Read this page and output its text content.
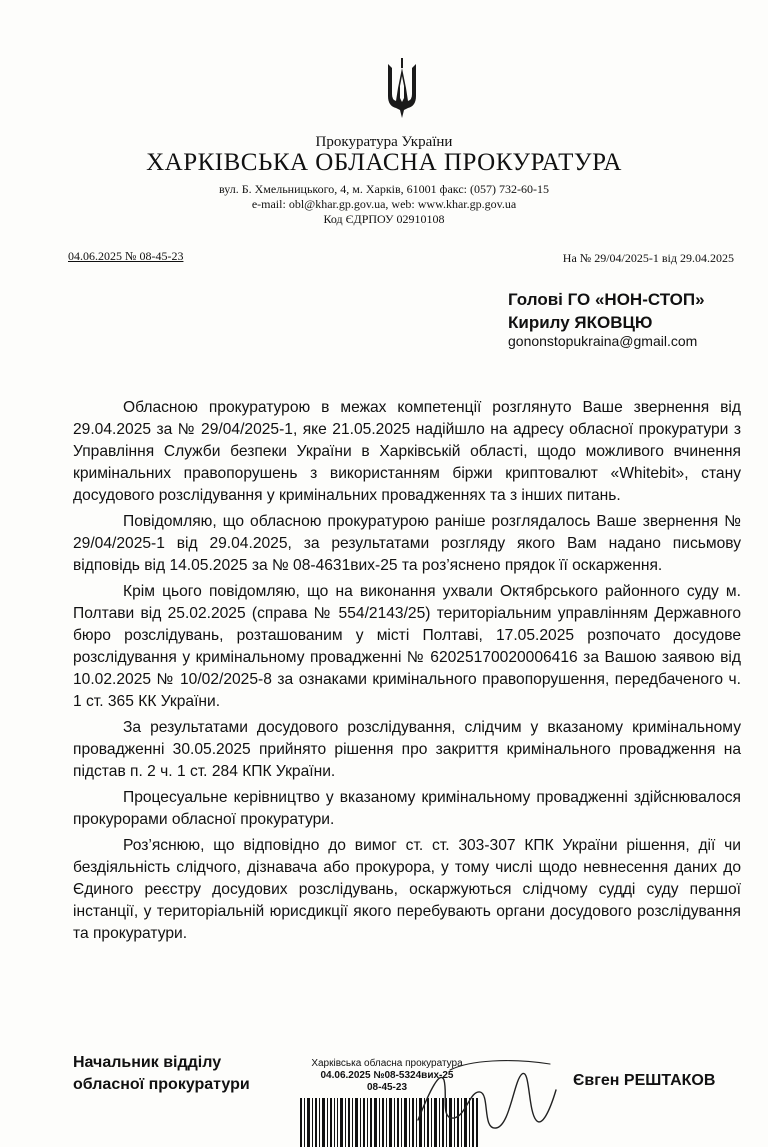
Прокуратура України
ХАРКІВСЬКА ОБЛАСНА ПРОКУРАТУРА
вул. Б. Хмельницького, 4, м. Харків, 61001 факс: (057) 732-60-15
e-mail: obl@khar.gp.gov.ua, web: www.khar.gp.gov.ua
Код ЄДРПОУ 02910108
04.06.2025 № 08-45-23	На № 29/04/2025-1 від 29.04.2025
Голові ГО «НОН-СТОП»
Кирилу ЯКОВЦЮ
gononstopukraina@gmail.com

Обласною прокуратурою в межах компетенції розглянуто Ваше звернення від 29.04.2025 за № 29/04/2025-1, яке 21.05.2025 надійшло на адресу обласної прокуратури з Управління Служби безпеки України в Харківській області, щодо можливого вчинення кримінальних правопорушень з використанням біржи криптовалют «Whitebit», стану досудового розслідування у кримінальних провадженнях та з інших питань.

Повідомляю, що обласною прокуратурою раніше розглядалось Ваше звернення № 29/04/2025-1 від 29.04.2025, за результатами розгляду якого Вам надано письмову відповідь від 14.05.2025 за № 08-4631вих-25 та роз’яснено прядок її оскарження.

Крім цього повідомляю, що на виконання ухвали Октябрського районного суду м. Полтави від 25.02.2025 (справа № 554/2143/25) територіальним управлінням Державного бюро розслідувань, розташованим у місті Полтаві, 17.05.2025 розпочато досудове розслідування у кримінальному провадженні № 62025170020006416 за Вашою заявою від 10.02.2025 № 10/02/2025-8 за ознаками кримінального правопорушення, передбаченого ч. 1 ст. 365 КК України.

За результатами досудового розслідування, слідчим у вказаному кримінальному провадженні 30.05.2025 прийнято рішення про закриття кримінального провадження на підстав п. 2 ч. 1 ст. 284 КПК України.

Процесуальне керівництво у вказаному кримінальному провадженні здійснювалося прокурорами обласної прокуратури.

Роз’яснюю, що відповідно до вимог ст. ст. 303-307 КПК України рішення, дії чи бездіяльність слідчого, дізнавача або прокурора, у тому числі щодо невнесення даних до Єдиного реєстру досудових розслідувань, оскаржуються слідчому судді суду першої інстанції, у територіальній юрисдикції якого перебувають органи досудового розслідування та прокуратури.

Начальник відділу
обласної прокуратури
Харківська обласна прокуратура
04.06.2025 №08-5324вих-25
08-45-23	Євген РЕШТАКОВ
